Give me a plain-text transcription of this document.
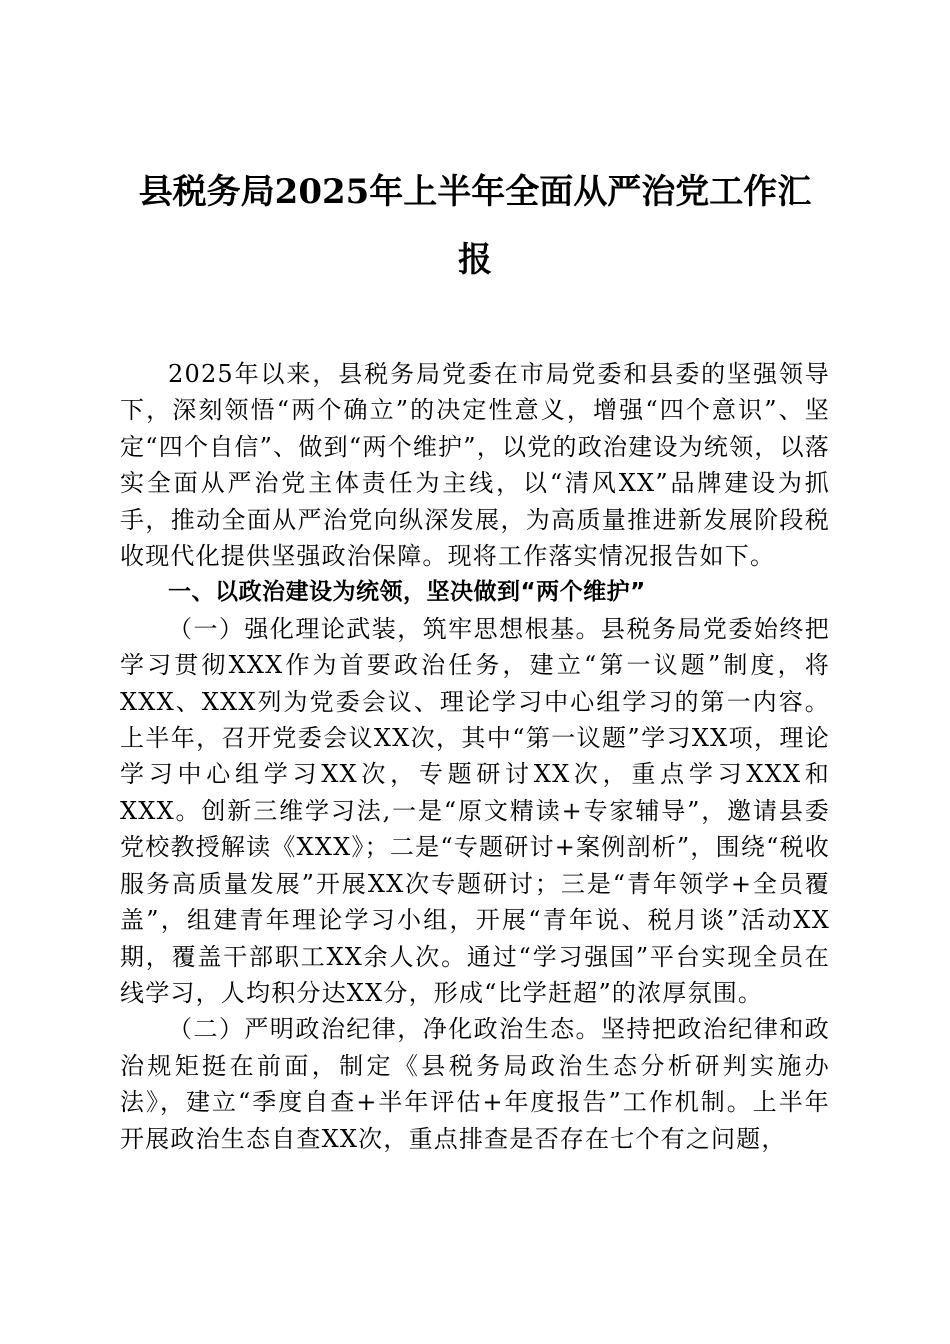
县税务局2025年上半年全面从严治党工作汇
报

2025年以来，县税务局党委在市局党委和县委的坚强领导下，深刻领悟“两个确立”的决定性意义，增强“四个意识”、坚定“四个自信”、做到“两个维护”，以党的政治建设为统领，以落实全面从严治党主体责任为主线，以“清风XX”品牌建设为抓手，推动全面从严治党向纵深发展，为高质量推进新发展阶段税收现代化提供坚强政治保障。现将工作落实情况报告如下。

一、以政治建设为统领，坚决做到“两个维护”

（一）强化理论武装，筑牢思想根基。县税务局党委始终把学习贯彻XXX作为首要政治任务，建立“第一议题”制度，将XXX、XXX列为党委会议、理论学习中心组学习的第一内容。上半年，召开党委会议XX次，其中“第一议题”学习XX项，理论学习中心组学习XX次，专题研讨XX次，重点学习XXX和XXX。创新三维学习法,一是“原文精读+专家辅导”，邀请县委党校教授解读《XXX》；二是“专题研讨+案例剖析”，围绕“税收服务高质量发展”开展XX次专题研讨；三是“青年领学+全员覆盖”，组建青年理论学习小组，开展“青年说、税月谈”活动XX期，覆盖干部职工XX余人次。通过“学习强国”平台实现全员在线学习，人均积分达XX分，形成“比学赶超”的浓厚氛围。

（二）严明政治纪律，净化政治生态。坚持把政治纪律和政治规矩挺在前面，制定《县税务局政治生态分析研判实施办法》，建立“季度自查+半年评估+年度报告”工作机制。上半年开展政治生态自查XX次，重点排查是否存在七个有之问题，
